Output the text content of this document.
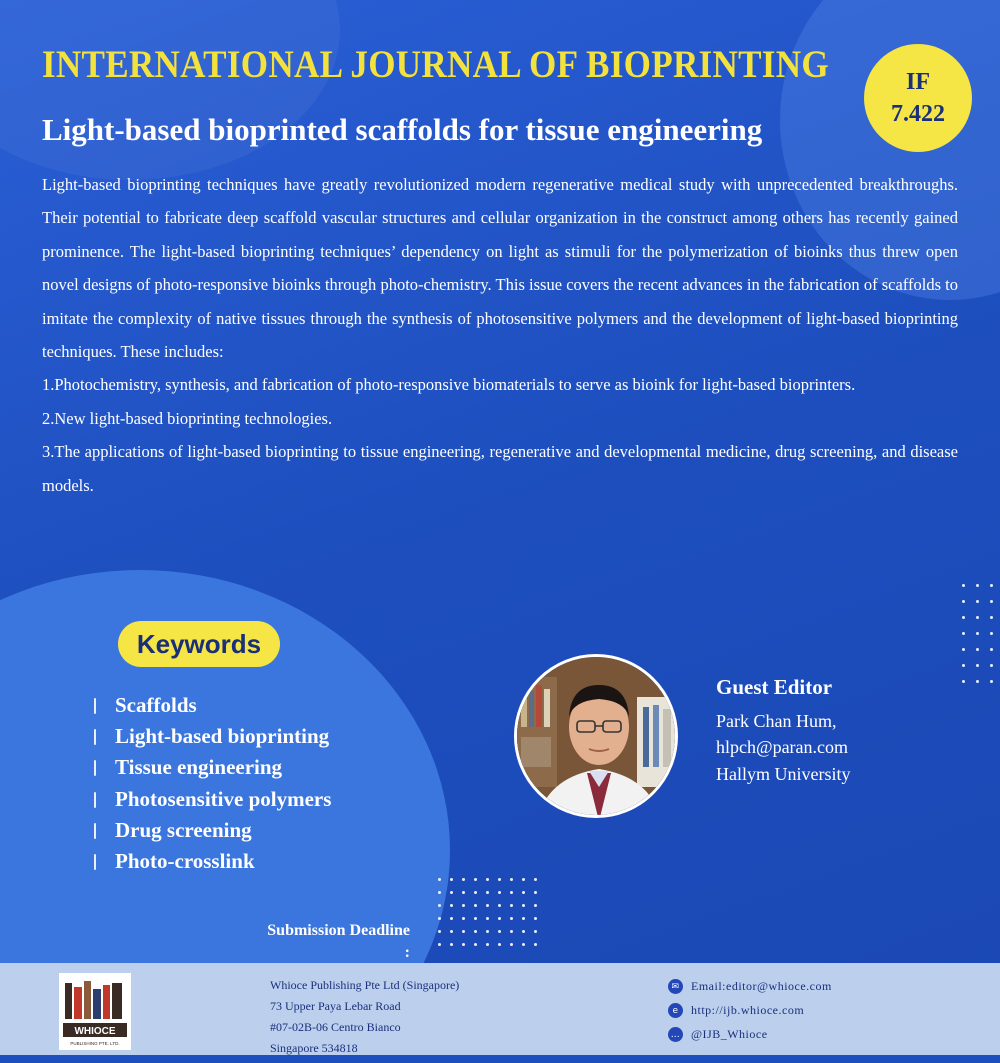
INTERNATIONAL JOURNAL OF BIOPRINTING
Light-based bioprinted scaffolds for tissue engineering
IF
7.422

Light-based bioprinting techniques have greatly revolutionized modern regenerative medical study with unprecedented breakthroughs. Their potential to fabricate deep scaffold vascular structures and cellular organization in the construct among others has recently gained prominence. The light-based bioprinting techniques’ dependency on light as stimuli for the polymerization of bioinks thus threw open novel designs of photo-responsive bioinks through photo-chemistry. This issue covers the recent advances in the fabrication of scaffolds to imitate the complexity of native tissues through the synthesis of photosensitive polymers and the development of light-based bioprinting techniques. These includes:

1.Photochemistry, synthesis, and fabrication of photo-responsive biomaterials to serve as bioink for light-based bioprinters.

2.New light-based bioprinting technologies.

3.The applications of light-based bioprinting to tissue engineering, regenerative and developmental medicine, drug screening, and disease models.

Keywords
Scaffolds
Light-based bioprinting
Tissue engineering
Photosensitive polymers
Drug screening
Photo-crosslink
Guest Editor
Park Chan Hum,
hlpch@paran.com
Hallym University
Submission Deadline :
WHIOCE
PUBLISHING PTE. LTD.
Whioce Publishing Pte Ltd (Singapore)
73 Upper Paya Lebar Road
#07-02B-06 Centro Bianco
Singapore 534818
✉ Email:editor@whioce.com
e	http://ijb.whioce.com
… @IJB_Whioce
